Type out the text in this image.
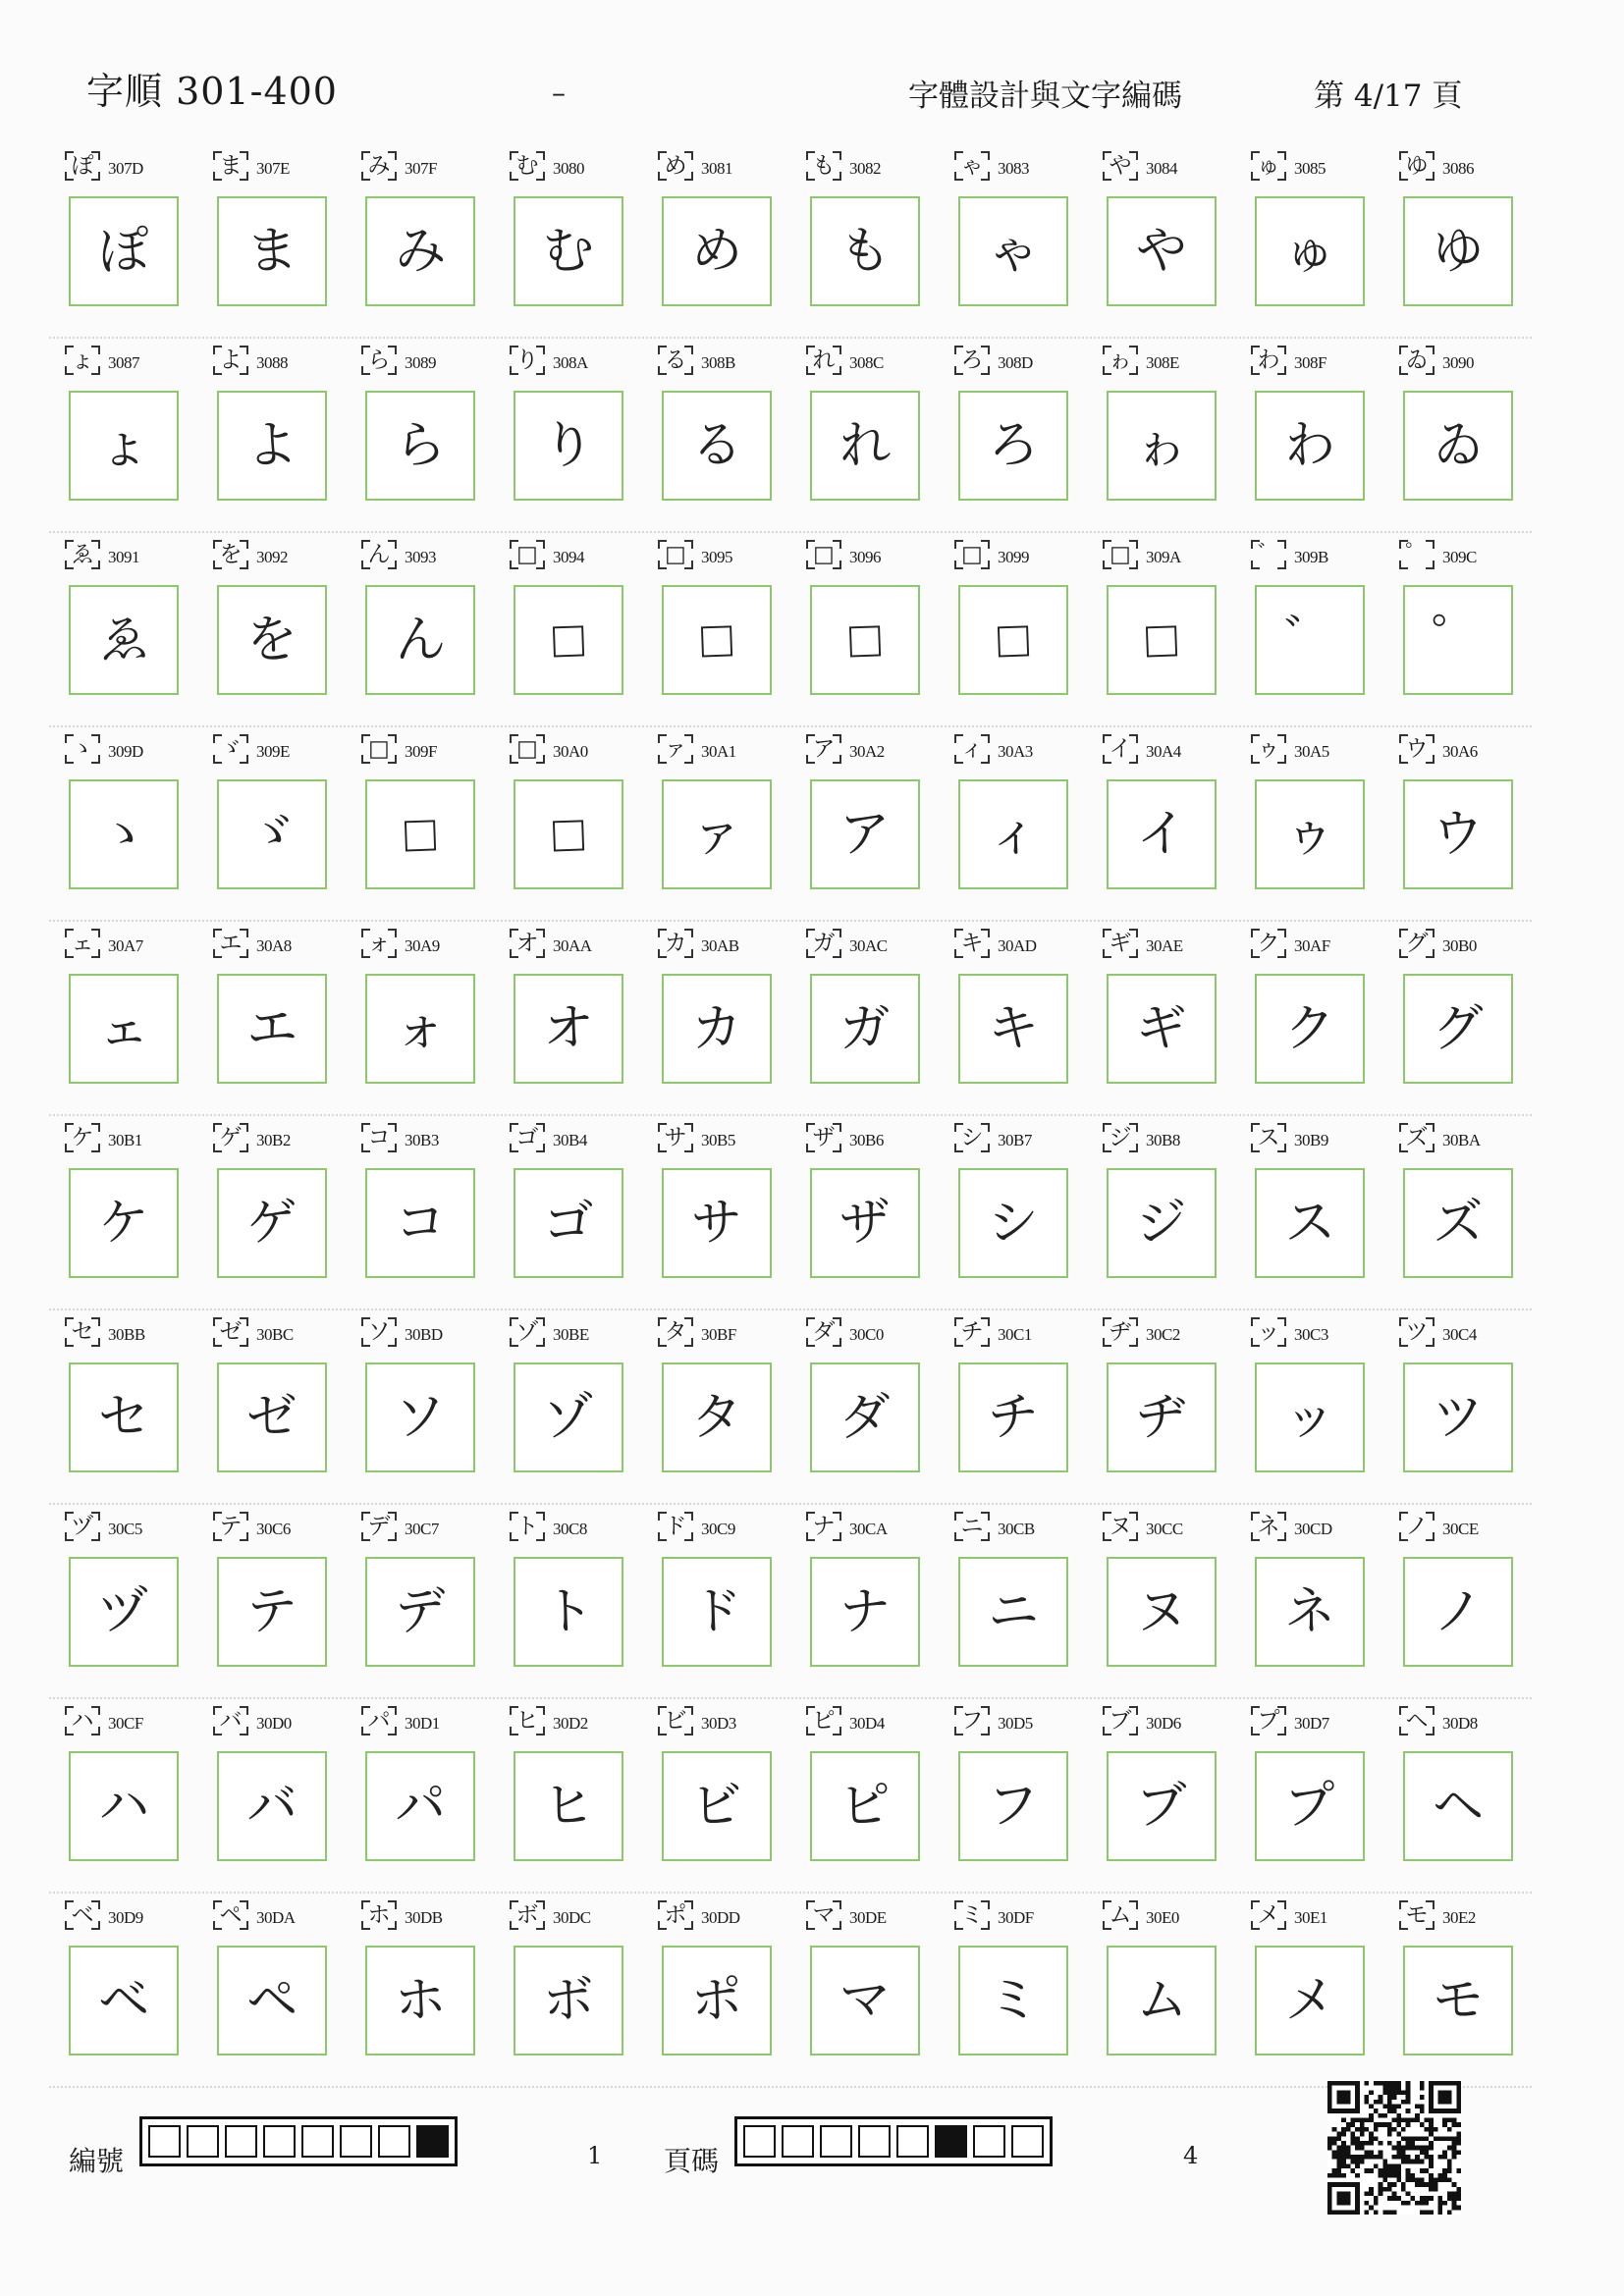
字順 301-400	–	字體設計與文字編碼	第 4/17 頁
ぽ 307D
ぽ
ま 307E
ま
み 307F
み
む 3080
む
め 3081
め
も 3082
も
ゃ 3083
ゃ
や 3084
や
ゅ 3085
ゅ
ゆ 3086
ゆ
ょ 3087
ょ
よ 3088
よ
ら 3089
ら
り 308A
り
る 308B
る
れ 308C
れ
ろ 308D
ろ
ゎ 308E
ゎ
わ 308F
わ
ゐ 3090
ゐ
ゑ 3091
ゑ
を 3092
を
ん 3093
ん
□ 3094
□
□ 3095
□
□ 3096
□
□ 3099
□
□ 309A
□
゛ 309B
゛
゜ 309C
゜
ゝ 309D
ゝ
ゞ 309E
ゞ
□ 309F
□
□ 30A0
□
ァ 30A1
ァ
ア 30A2
ア
ィ 30A3
ィ
イ 30A4
イ
ゥ 30A5
ゥ
ウ 30A6
ウ
ェ 30A7
ェ
エ 30A8
エ
ォ 30A9
ォ
オ 30AA
オ
カ 30AB
カ
ガ 30AC
ガ
キ 30AD
キ
ギ 30AE
ギ
ク 30AF
ク
グ 30B0
グ
ケ 30B1
ケ
ゲ 30B2
ゲ
コ 30B3
コ
ゴ 30B4
ゴ
サ 30B5
サ
ザ 30B6
ザ
シ 30B7
シ
ジ 30B8
ジ
ス 30B9
ス
ズ 30BA
ズ
セ 30BB
セ
ゼ 30BC
ゼ
ソ 30BD
ソ
ゾ 30BE
ゾ
タ 30BF
タ
ダ 30C0
ダ
チ 30C1
チ
ヂ 30C2
ヂ
ッ 30C3
ッ
ツ 30C4
ツ
ヅ 30C5
ヅ
テ 30C6
テ
デ 30C7
デ
ト 30C8
ト
ド 30C9
ド
ナ 30CA
ナ
ニ 30CB
ニ
ヌ 30CC
ヌ
ネ 30CD
ネ
ノ 30CE
ノ
ハ 30CF
ハ
バ 30D0
バ
パ 30D1
パ
ヒ 30D2
ヒ
ビ 30D3
ビ
ピ 30D4
ピ
フ 30D5
フ
ブ 30D6
ブ
プ 30D7
プ
ヘ 30D8
ヘ
ベ 30D9
ベ
ペ 30DA
ペ
ホ 30DB
ホ
ボ 30DC
ボ
ポ 30DD
ポ
マ 30DE
マ
ミ 30DF
ミ
ム 30E0
ム
メ 30E1
メ
モ 30E2
モ
編號	1 頁碼	4
